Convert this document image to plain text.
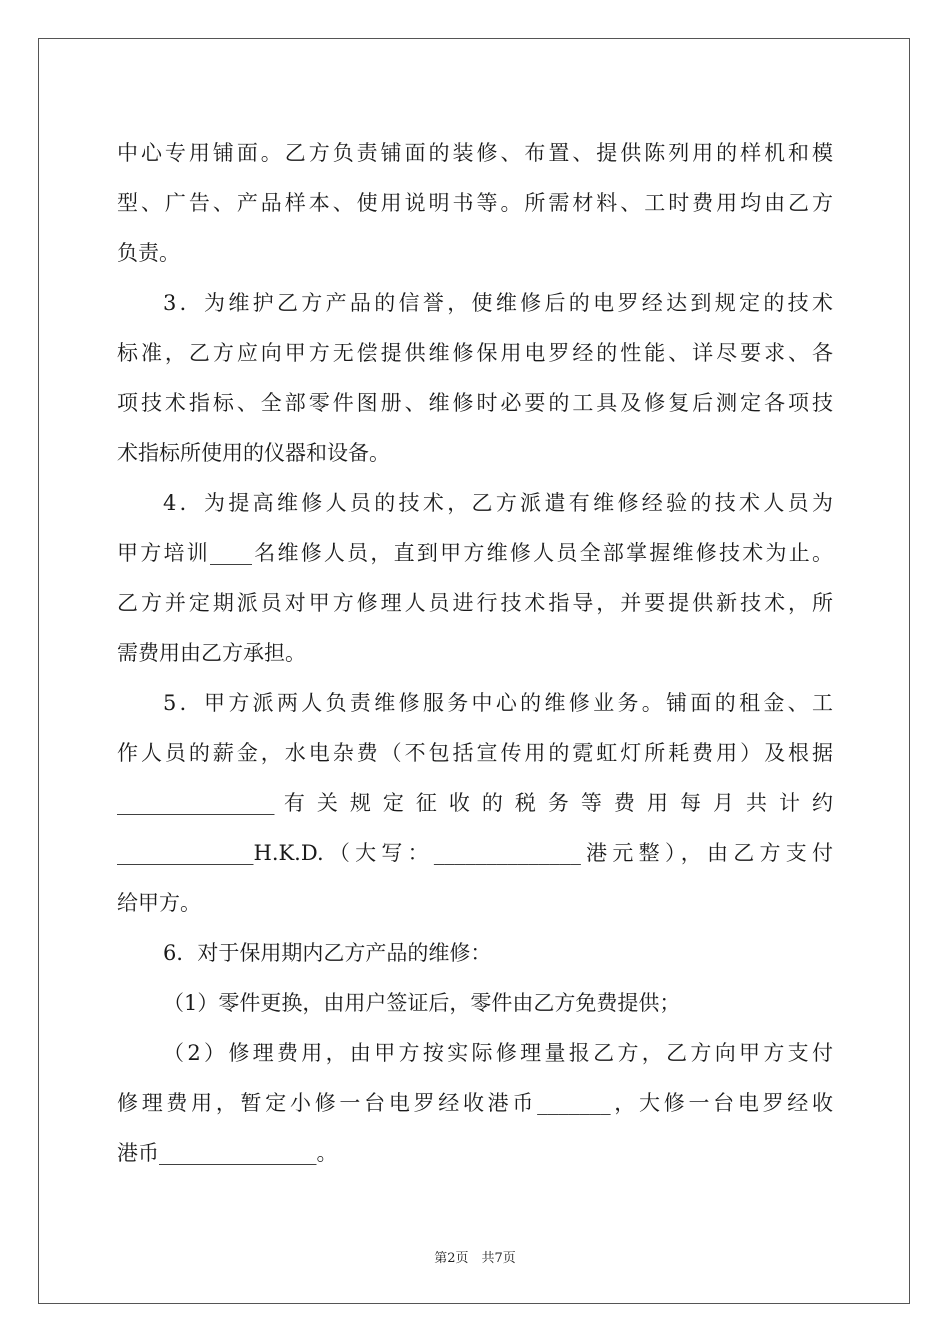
中心专用铺面。乙方负责铺面的装修、布置、提供陈列用的样机和模
型、广告、产品样本、使用说明书等。所需材料、工时费用均由乙方
负责。
3．为维护乙方产品的信誉，使维修后的电罗经达到规定的技术
标准，乙方应向甲方无偿提供维修保用电罗经的性能、详尽要求、各
项技术指标、全部零件图册、维修时必要的工具及修复后测定各项技
术指标所使用的仪器和设备。
4．为提高维修人员的技术，乙方派遣有维修经验的技术人员为
甲方培训____名维修人员，直到甲方维修人员全部掌握维修技术为止。
乙方并定期派员对甲方修理人员进行技术指导，并要提供新技术，所
需费用由乙方承担。
5．甲方派两人负责维修服务中心的维修业务。铺面的租金、工
作人员的薪金，水电杂费（不包括宣传用的霓虹灯所耗费用）及根据
_______________ 有 关 规 定 征 收 的 税 务 等 费 用 每 月 共 计 约
_____________H.K.D.（大写：______________港元整），由乙方支付
给甲方。
6．对于保用期内乙方产品的维修：
（1）零件更换，由用户签证后，零件由乙方免费提供；
（2）修理费用，由甲方按实际修理量报乙方，乙方向甲方支付
修理费用，暂定小修一台电罗经收港币_______，大修一台电罗经收
港币_______________。
第2页　共7页
